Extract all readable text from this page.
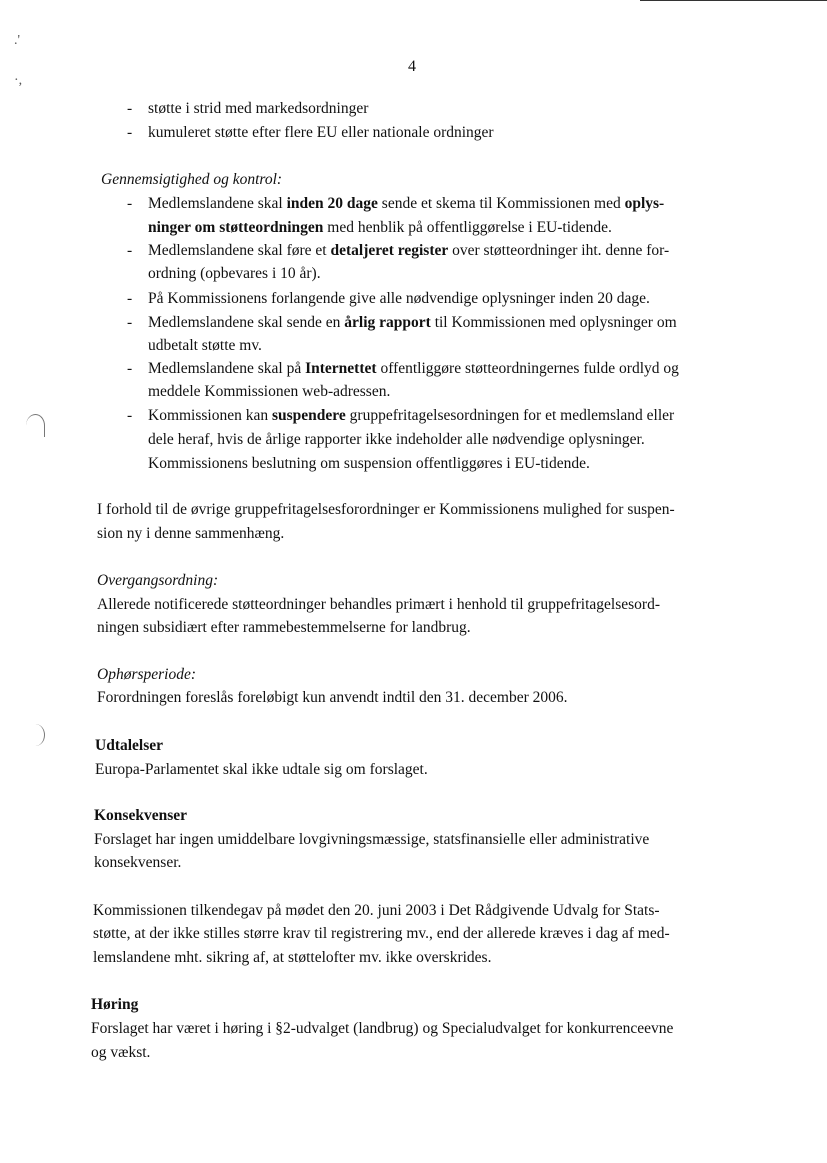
.'
·,
4
- støtte i strid med markedsordninger
- kumuleret støtte efter flere EU eller nationale ordninger
Gennemsigtighed og kontrol:
- Medlemslandene skal inden 20 dage sende et skema til Kommissionen med oplys-
ninger om støtteordningen med henblik på offentliggørelse i EU-tidende.
- Medlemslandene skal føre et detaljeret register over støtteordninger iht. denne for-
ordning (opbevares i 10 år).
- På Kommissionens forlangende give alle nødvendige oplysninger inden 20 dage.
- Medlemslandene skal sende en årlig rapport til Kommissionen med oplysninger om
udbetalt støtte mv.
- Medlemslandene skal på Internettet offentliggøre støtteordningernes fulde ordlyd og
meddele Kommissionen web-adressen.
- Kommissionen kan suspendere gruppefritagelsesordningen for et medlemsland eller
dele heraf, hvis de årlige rapporter ikke indeholder alle nødvendige oplysninger.
Kommissionens beslutning om suspension offentliggøres i EU-tidende.
I forhold til de øvrige gruppefritagelsesforordninger er Kommissionens mulighed for suspen-
sion ny i denne sammenhæng.
Overgangsordning:
Allerede notificerede støtteordninger behandles primært i henhold til gruppefritagelsesord-
ningen subsidiært efter rammebestemmelserne for landbrug.
Ophørsperiode:
Forordningen foreslås foreløbigt kun anvendt indtil den 31. december 2006.
Udtalelser
Europa-Parlamentet skal ikke udtale sig om forslaget.
Konsekvenser
Forslaget har ingen umiddelbare lovgivningsmæssige, statsfinansielle eller administrative
konsekvenser.
Kommissionen tilkendegav på mødet den 20. juni 2003 i Det Rådgivende Udvalg for Stats-
støtte, at der ikke stilles større krav til registrering mv., end der allerede kræves i dag af med-
lemslandene mht. sikring af, at støttelofter mv. ikke overskrides.
Høring
Forslaget har været i høring i §2-udvalget (landbrug) og Specialudvalget for konkurrenceevne
og vækst.
